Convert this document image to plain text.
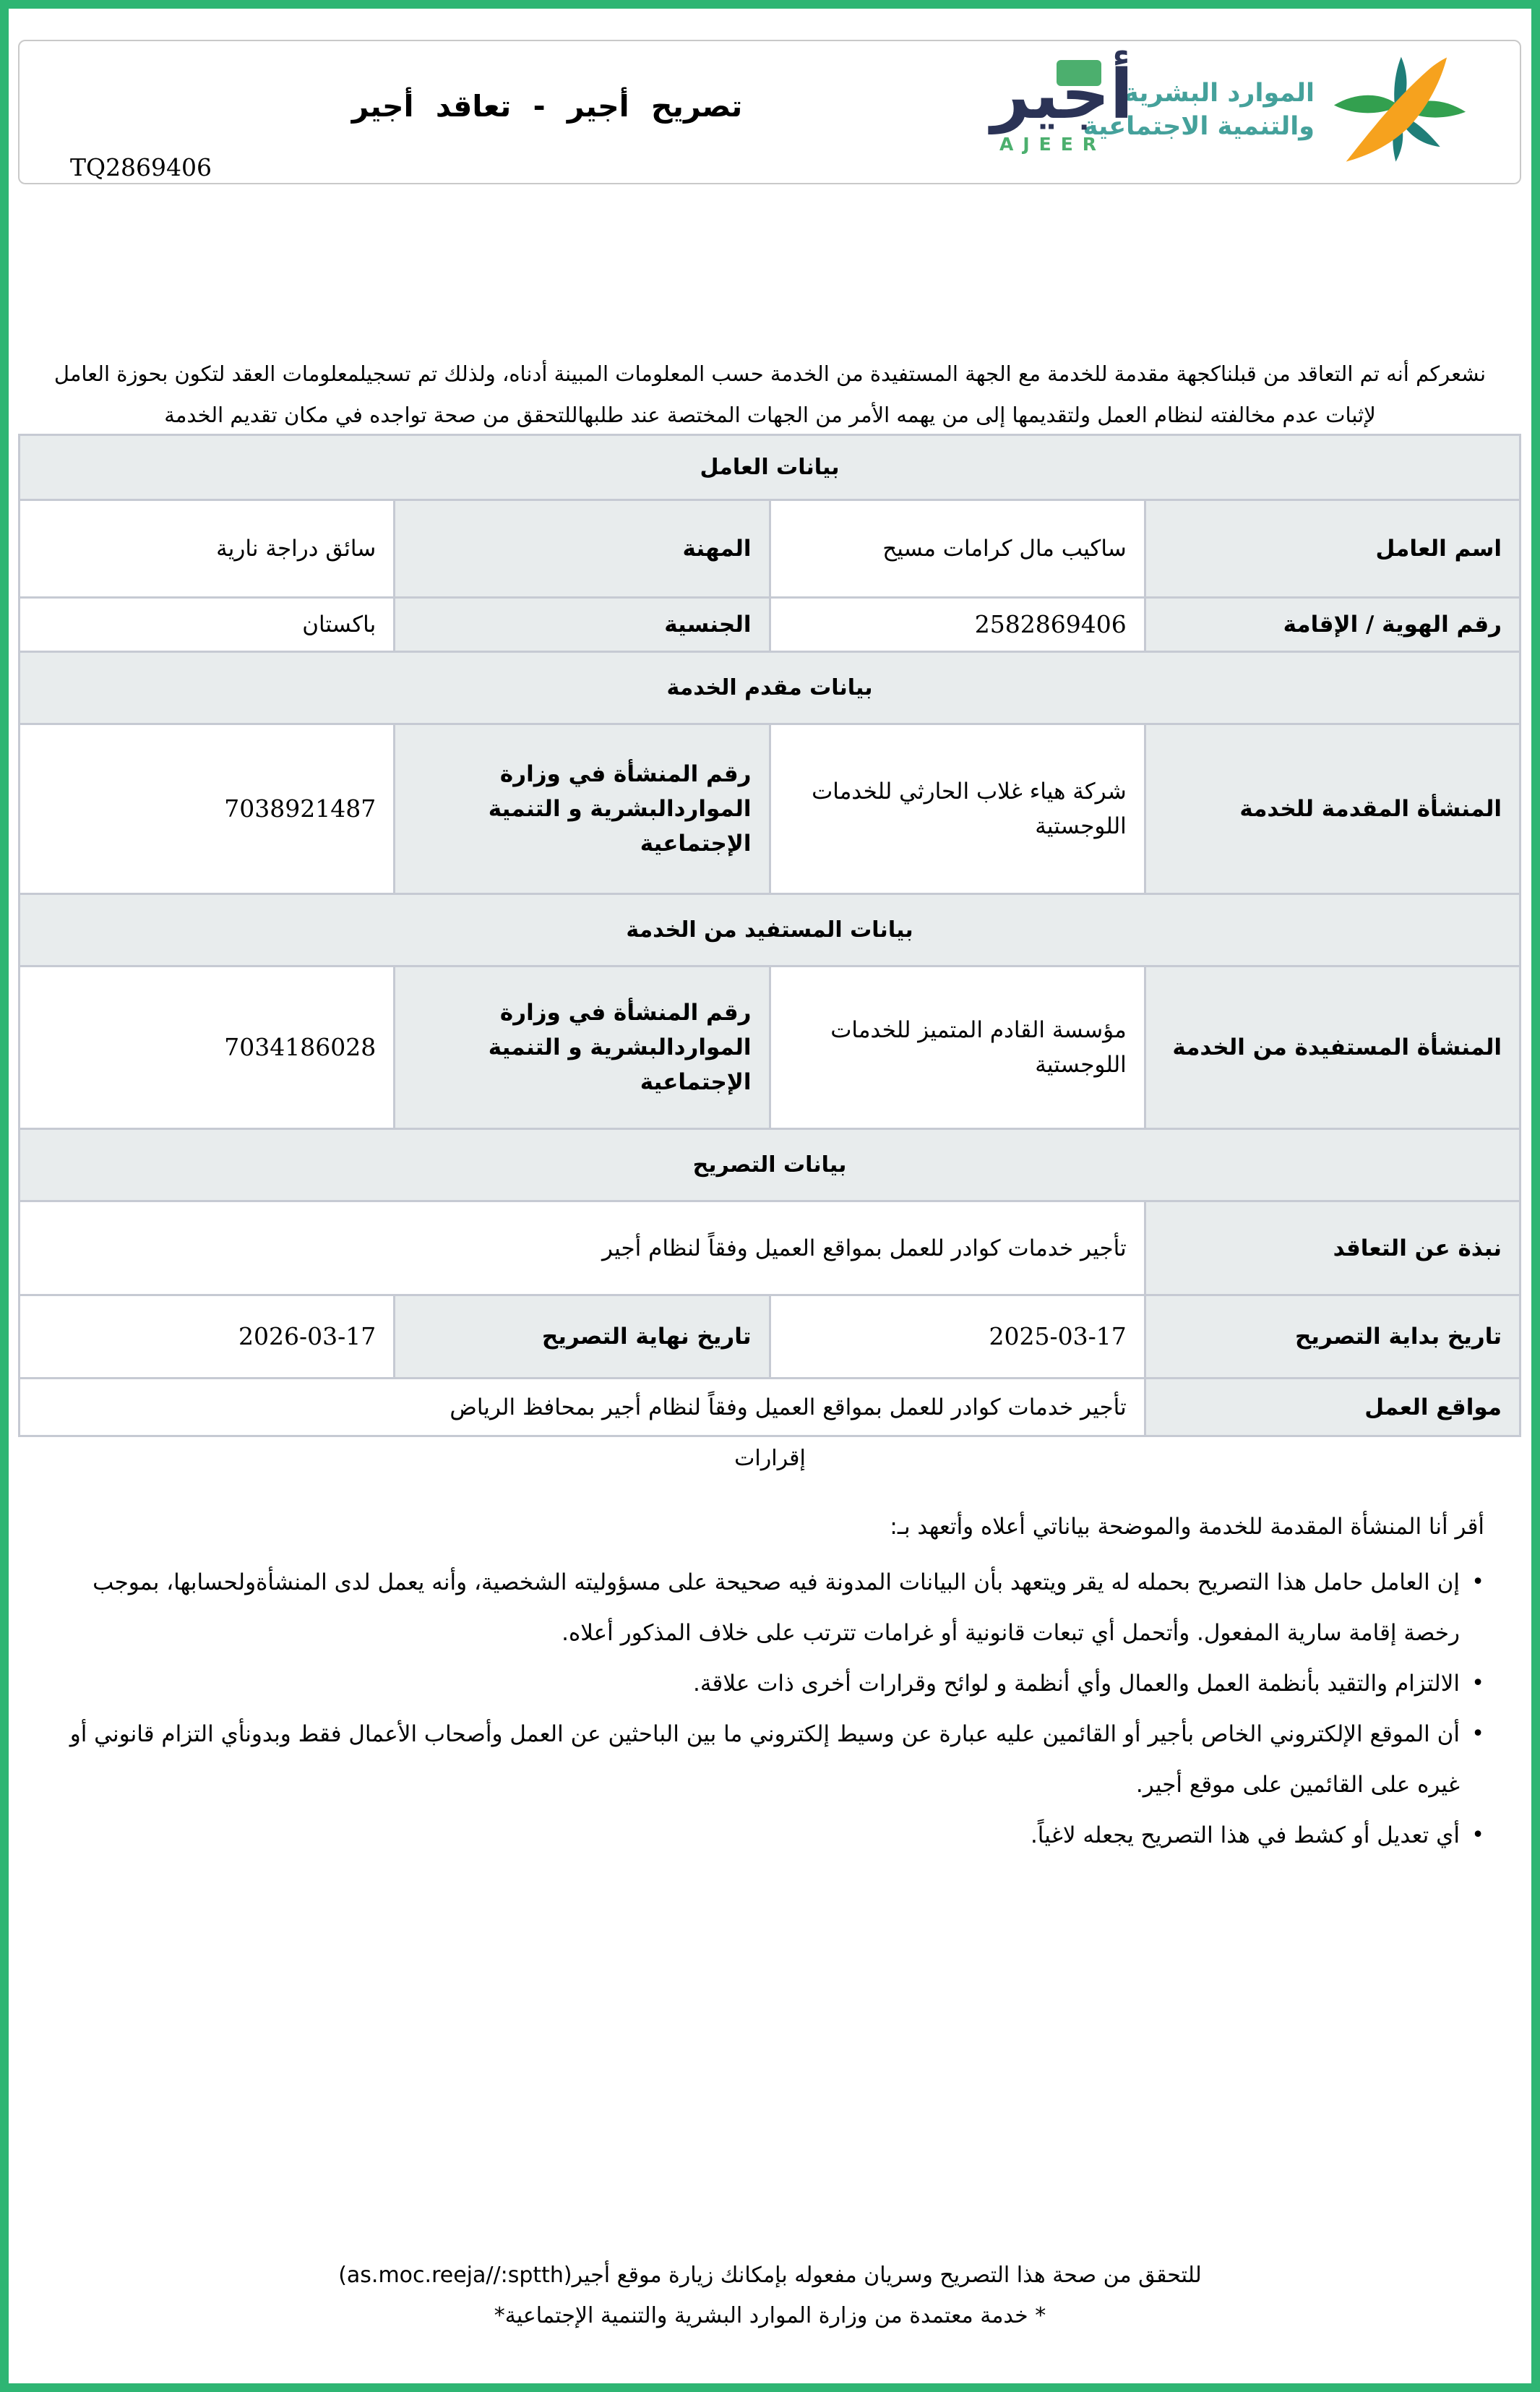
تصريح أجير - تعاقد أجير
TQ2869406
أجير
AJEER
الموارد البشرية
والتنمية الاجتماعية

نشعركم أنه تم التعاقد من قبلناكجهة مقدمة للخدمة مع الجهة المستفيدة من الخدمة حسب المعلومات المبينة أدناه، ولذلك تم تسجيلمعلومات العقد لتكون بحوزة العامل لإثبات عدم مخالفته لنظام العمل ولتقديمها إلى من يهمه الأمر من الجهات المختصة عند طلبهاللتحقق من صحة تواجده في مكان تقديم الخدمة

بيانات العامل			
اسم العامل	ساكيب مال كرامات مسيح	المهنة	سائق دراجة نارية
رقم الهوية / الإقامة	2582869406	الجنسية	باكستان
بيانات مقدم الخدمة			
المنشأة المقدمة للخدمة	شركة هياء غلاب الحارثي للخدمات اللوجستية	رقم المنشأة في وزارة المواردالبشرية و التنمية الإجتماعية	7038921487
بيانات المستفيد من الخدمة			
المنشأة المستفيدة من الخدمة	مؤسسة القادم المتميز للخدمات اللوجستية	رقم المنشأة في وزارة المواردالبشرية و التنمية الإجتماعية	7034186028
بيانات التصريح			
نبذة عن التعاقد	تأجير خدمات كوادر للعمل بمواقع العميل وفقاً لنظام أجير		
تاريخ بداية التصريح	2025-03-17	تاريخ نهاية التصريح	2026-03-17
مواقع العمل	تأجير خدمات كوادر للعمل بمواقع العميل وفقاً لنظام أجير بمحافظ الرياض		
إقرارات
أقر أنا المنشأة المقدمة للخدمة والموضحة بياناتي أعلاه وأتعهد بـ:
•
إن العامل حامل هذا التصريح بحمله له يقر ويتعهد بأن البيانات المدونة فيه صحيحة على مسؤوليته الشخصية، وأنه يعمل لدى المنشأةولحسابها، بموجب رخصة إقامة سارية المفعول. وأتحمل أي تبعات قانونية أو غرامات تترتب على خلاف المذكور أعلاه.
•
الالتزام والتقيد بأنظمة العمل والعمال وأي أنظمة و لوائح وقرارات أخرى ذات علاقة.
•
أن الموقع الإلكتروني الخاص بأجير أو القائمين عليه عبارة عن وسيط إلكتروني ما بين الباحثين عن العمل وأصحاب الأعمال فقط وبدونأي التزام قانوني أو غيره على القائمين على موقع أجير.
•
أي تعديل أو كشط في هذا التصريح يجعله لاغياً.
للتحقق من صحة هذا التصريح وسريان مفعوله بإمكانك زيارة موقع أجير(as.moc.reeja//:sptth)
* خدمة معتمدة من وزارة الموارد البشرية والتنمية الإجتماعية*
